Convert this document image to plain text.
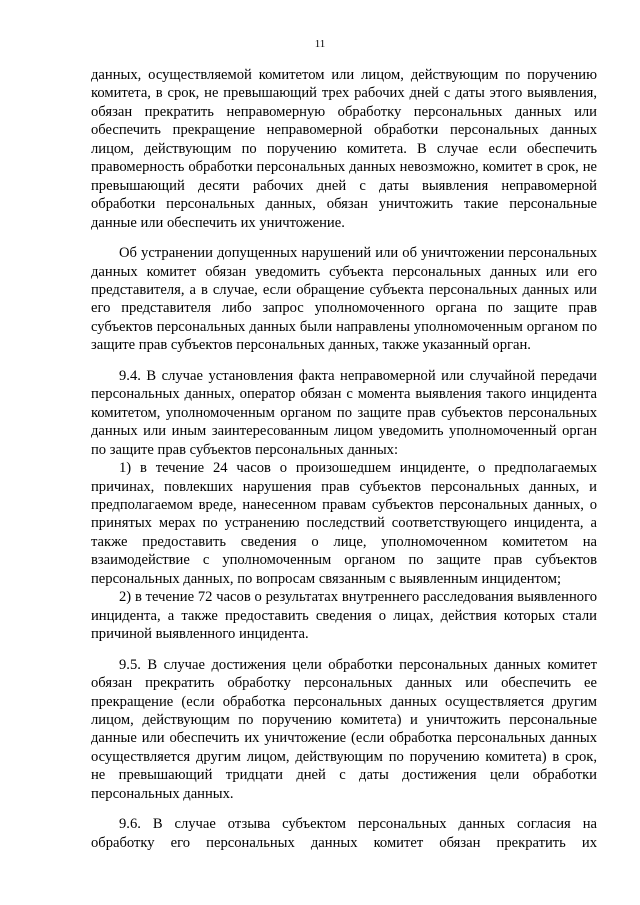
11

данных, осуществляемой комитетом или лицом, действующим по поручению комитета, в срок, не превышающий трех рабочих дней с даты этого выявления, обязан прекратить неправомерную обработку персональных данных или обеспечить прекращение неправомерной обработки персональных данных лицом, действующим по поручению комитета. В случае если обеспечить правомерность обработки персональных данных невозможно, комитет в срок, не превышающий десяти рабочих дней с даты выявления неправомерной обработки персональных данных, обязан уничтожить такие персональные данные или обеспечить их уничтожение.

Об устранении допущенных нарушений или об уничтожении персональных данных комитет обязан уведомить субъекта персональных данных или его представителя, а в случае, если обращение субъекта персональных данных или его представителя либо запрос уполномоченного органа по защите прав субъектов персональных данных были направлены уполномоченным органом по защите прав субъектов персональных данных, также указанный орган.

9.4. В случае установления факта неправомерной или случайной передачи персональных данных, оператор обязан с момента выявления такого инцидента комитетом, уполномоченным органом по защите прав субъектов персональных данных или иным заинтересованным лицом уведомить уполномоченный орган по защите прав субъектов персональных данных:

1) в течение 24 часов о произошедшем инциденте, о предполагаемых причинах, повлекших нарушения прав субъектов персональных данных, и предполагаемом вреде, нанесенном правам субъектов персональных данных, о принятых мерах по устранению последствий соответствующего инцидента, а также предоставить сведения о лице, уполномоченном комитетом на взаимодействие с уполномоченным органом по защите прав субъектов персональных данных, по вопросам связанным с выявленным инцидентом;

2) в течение 72 часов о результатах внутреннего расследования выявленного инцидента, а также предоставить сведения о лицах, действия которых стали причиной выявленного инцидента.

9.5. В случае достижения цели обработки персональных данных комитет обязан прекратить обработку персональных данных или обеспечить ее прекращение (если обработка персональных данных осуществляется другим лицом, действующим по поручению комитета) и уничтожить персональные данные или обеспечить их уничтожение (если обработка персональных данных осуществляется другим лицом, действующим по поручению комитета) в срок, не превышающий тридцати дней с даты достижения цели обработки персональных данных.

9.6. В случае отзыва субъектом персональных данных согласия на обработку его персональных данных комитет обязан прекратить их
